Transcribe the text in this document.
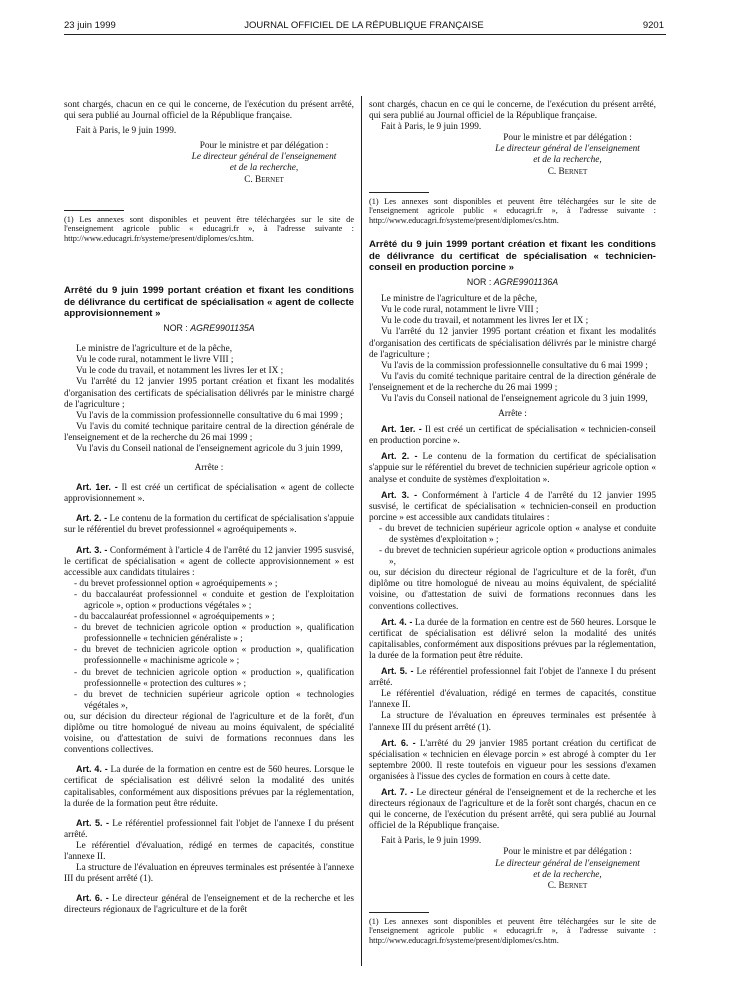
23 juin 1999	JOURNAL OFFICIEL DE LA RÉPUBLIQUE FRANÇAISE	9201

sont chargés, chacun en ce qui le concerne, de l'exécution du présent arrêté, qui sera publié au Journal officiel de la République française.

Fait à Paris, le 9 juin 1999.

Pour le ministre et par délégation :
Le directeur général de l'enseignement
et de la recherche,
C. Bernet

(1) Les annexes sont disponibles et peuvent être téléchargées sur le site de l'enseignement agricole public « educagri.fr », à l'adresse suivante : http://www.educagri.fr/systeme/present/diplomes/cs.htm.

Arrêté du 9 juin 1999 portant création et fixant les conditions de délivrance du certificat de spécialisation « agent de collecte approvisionnement »

NOR : AGRE9901135A

Le ministre de l'agriculture et de la pêche,

Vu le code rural, notamment le livre VIII ;

Vu le code du travail, et notamment les livres Ier et IX ;

Vu l'arrêté du 12 janvier 1995 portant création et fixant les modalités d'organisation des certificats de spécialisation délivrés par le ministre chargé de l'agriculture ;

Vu l'avis de la commission professionnelle consultative du 6 mai 1999 ;

Vu l'avis du comité technique paritaire central de la direction générale de l'enseignement et de la recherche du 26 mai 1999 ;

Vu l'avis du Conseil national de l'enseignement agricole du 3 juin 1999,

Arrête :

Art. 1er. - Il est créé un certificat de spécialisation « agent de collecte approvisionnement ».

Art. 2. - Le contenu de la formation du certificat de spécialisation s'appuie sur le référentiel du brevet professionnel « agroéquipements ».

Art. 3. - Conformément à l'article 4 de l'arrêté du 12 janvier 1995 susvisé, le certificat de spécialisation « agent de collecte approvisionnement » est accessible aux candidats titulaires :

- du brevet professionnel option « agroéquipements » ;
- du baccalauréat professionnel « conduite et gestion de l'exploitation agricole », option « productions végétales » ;
- du baccalauréat professionnel « agroéquipements » ;
- du brevet de technicien agricole option « production », qualification professionnelle « technicien généraliste » ;
- du brevet de technicien agricole option « production », qualification professionnelle « machinisme agricole » ;
- du brevet de technicien agricole option « production », qualification professionnelle « protection des cultures » ;
- du brevet de technicien supérieur agricole option « technologies végétales »,

ou, sur décision du directeur régional de l'agriculture et de la forêt, d'un diplôme ou titre homologué de niveau au moins équivalent, de spécialité voisine, ou d'attestation de suivi de formations reconnues dans les conventions collectives.

Art. 4. - La durée de la formation en centre est de 560 heures. Lorsque le certificat de spécialisation est délivré selon la modalité des unités capitalisables, conformément aux dispositions prévues par la réglementation, la durée de la formation peut être réduite.

Art. 5. - Le référentiel professionnel fait l'objet de l'annexe I du présent arrêté.

Le référentiel d'évaluation, rédigé en termes de capacités, constitue l'annexe II.

La structure de l'évaluation en épreuves terminales est présentée à l'annexe III du présent arrêté (1).

Art. 6. - Le directeur général de l'enseignement et de la recherche et les directeurs régionaux de l'agriculture et de la forêt

sont chargés, chacun en ce qui le concerne, de l'exécution du présent arrêté, qui sera publié au Journal officiel de la République française.

Fait à Paris, le 9 juin 1999.

Pour le ministre et par délégation :
Le directeur général de l'enseignement
et de la recherche,
C. Bernet

(1) Les annexes sont disponibles et peuvent être téléchargées sur le site de l'enseignement agricole public « educagri.fr », à l'adresse suivante : http://www.educagri.fr/systeme/present/diplomes/cs.htm.

Arrêté du 9 juin 1999 portant création et fixant les conditions de délivrance du certificat de spécialisation « technicien-conseil en production porcine »

NOR : AGRE9901136A

Le ministre de l'agriculture et de la pêche,

Vu le code rural, notamment le livre VIII ;

Vu le code du travail, et notamment les livres Ier et IX ;

Vu l'arrêté du 12 janvier 1995 portant création et fixant les modalités d'organisation des certificats de spécialisation délivrés par le ministre chargé de l'agriculture ;

Vu l'avis de la commission professionnelle consultative du 6 mai 1999 ;

Vu l'avis du comité technique paritaire central de la direction générale de l'enseignement et de la recherche du 26 mai 1999 ;

Vu l'avis du Conseil national de l'enseignement agricole du 3 juin 1999,

Arrête :

Art. 1er. - Il est créé un certificat de spécialisation « technicien-conseil en production porcine ».

Art. 2. - Le contenu de la formation du certificat de spécialisation s'appuie sur le référentiel du brevet de technicien supérieur agricole option « analyse et conduite de systèmes d'exploitation ».

Art. 3. - Conformément à l'article 4 de l'arrêté du 12 janvier 1995 susvisé, le certificat de spécialisation « technicien-conseil en production porcine » est accessible aux candidats titulaires :

- du brevet de technicien supérieur agricole option « analyse et conduite de systèmes d'exploitation » ;
- du brevet de technicien supérieur agricole option « productions animales »,

ou, sur décision du directeur régional de l'agriculture et de la forêt, d'un diplôme ou titre homologué de niveau au moins équivalent, de spécialité voisine, ou d'attestation de suivi de formations reconnues dans les conventions collectives.

Art. 4. - La durée de la formation en centre est de 560 heures. Lorsque le certificat de spécialisation est délivré selon la modalité des unités capitalisables, conformément aux dispositions prévues par la réglementation, la durée de la formation peut être réduite.

Art. 5. - Le référentiel professionnel fait l'objet de l'annexe I du présent arrêté.

Le référentiel d'évaluation, rédigé en termes de capacités, constitue l'annexe II.

La structure de l'évaluation en épreuves terminales est présentée à l'annexe III du présent arrêté (1).

Art. 6. - L'arrêté du 29 janvier 1985 portant création du certificat de spécialisation « technicien en élevage porcin » est abrogé à compter du 1er septembre 2000. Il reste toutefois en vigueur pour les sessions d'examen organisées à l'issue des cycles de formation en cours à cette date.

Art. 7. - Le directeur général de l'enseignement et de la recherche et les directeurs régionaux de l'agriculture et de la forêt sont chargés, chacun en ce qui le concerne, de l'exécution du présent arrêté, qui sera publié au Journal officiel de la République française.

Fait à Paris, le 9 juin 1999.

Pour le ministre et par délégation :
Le directeur général de l'enseignement
et de la recherche,
C. Bernet

(1) Les annexes sont disponibles et peuvent être téléchargées sur le site de l'enseignement agricole public « educagri.fr », à l'adresse suivante : http://www.educagri.fr/systeme/present/diplomes/cs.htm.
